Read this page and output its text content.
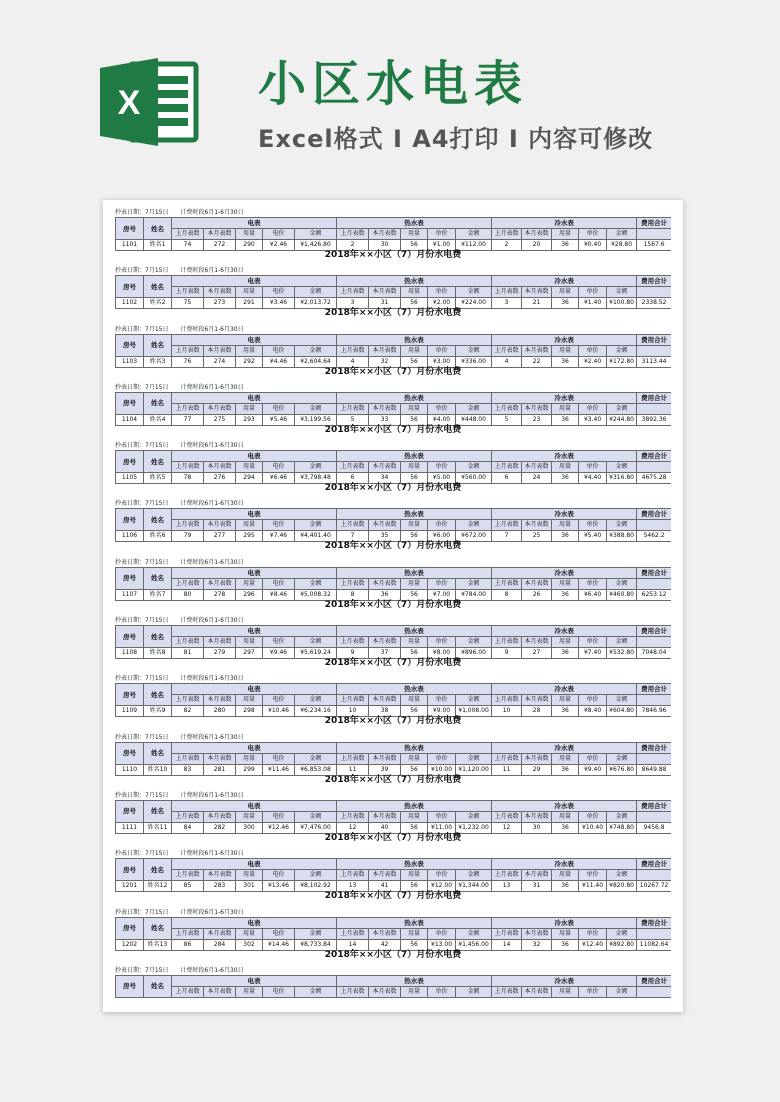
X 小区水电表

Excel格式 I A4打印 I 内容可修改

抄表日期：7月15日 计费时段6月1-6月30日
房号	姓名	电表					热水表					冷水表					费用合计
		上月表数	本月表数	用量	电价	金额	上月表数	本月表数	用量	单价	金额	上月表数	本月表数	用量	单价	金额	
1101	姓名1	74	272	290	¥2.46	¥1,426.80	2	30	56	¥1.00	¥112.00	2	20	36	¥0.40	¥28.80	1567.6
2018年××小区（7）月份水电费
抄表日期：7月15日 计费时段6月1-6月30日
房号	姓名	电表					热水表					冷水表					费用合计
		上月表数	本月表数	用量	电价	金额	上月表数	本月表数	用量	单价	金额	上月表数	本月表数	用量	单价	金额	
1102	姓名2	75	273	291	¥3.46	¥2,013.72	3	31	56	¥2.00	¥224.00	3	21	36	¥1.40	¥100.80	2338.52
2018年××小区（7）月份水电费
抄表日期：7月15日 计费时段6月1-6月30日
房号	姓名	电表					热水表					冷水表					费用合计
		上月表数	本月表数	用量	电价	金额	上月表数	本月表数	用量	单价	金额	上月表数	本月表数	用量	单价	金额	
1103	姓名3	76	274	292	¥4.46	¥2,604.64	4	32	56	¥3.00	¥336.00	4	22	36	¥2.40	¥172.80	3113.44
2018年××小区（7）月份水电费
抄表日期：7月15日 计费时段6月1-6月30日
房号	姓名	电表					热水表					冷水表					费用合计
		上月表数	本月表数	用量	电价	金额	上月表数	本月表数	用量	单价	金额	上月表数	本月表数	用量	单价	金额	
1104	姓名4	77	275	293	¥5.46	¥3,199.56	5	33	56	¥4.00	¥448.00	5	23	36	¥3.40	¥244.80	3892.36
2018年××小区（7）月份水电费
抄表日期：7月15日 计费时段6月1-6月30日
房号	姓名	电表					热水表					冷水表					费用合计
		上月表数	本月表数	用量	电价	金额	上月表数	本月表数	用量	单价	金额	上月表数	本月表数	用量	单价	金额	
1105	姓名5	78	276	294	¥6.46	¥3,798.48	6	34	56	¥5.00	¥560.00	6	24	36	¥4.40	¥316.80	4675.28
2018年××小区（7）月份水电费
抄表日期：7月15日 计费时段6月1-6月30日
房号	姓名	电表					热水表					冷水表					费用合计
		上月表数	本月表数	用量	电价	金额	上月表数	本月表数	用量	单价	金额	上月表数	本月表数	用量	单价	金额	
1106	姓名6	79	277	295	¥7.46	¥4,401.40	7	35	56	¥6.00	¥672.00	7	25	36	¥5.40	¥388.80	5462.2
2018年××小区（7）月份水电费
抄表日期：7月15日 计费时段6月1-6月30日
房号	姓名	电表					热水表					冷水表					费用合计
		上月表数	本月表数	用量	电价	金额	上月表数	本月表数	用量	单价	金额	上月表数	本月表数	用量	单价	金额	
1107	姓名7	80	278	296	¥8.46	¥5,008.32	8	36	56	¥7.00	¥784.00	8	26	36	¥6.40	¥460.80	6253.12
2018年××小区（7）月份水电费
抄表日期：7月15日 计费时段6月1-6月30日
房号	姓名	电表					热水表					冷水表					费用合计
		上月表数	本月表数	用量	电价	金额	上月表数	本月表数	用量	单价	金额	上月表数	本月表数	用量	单价	金额	
1108	姓名8	81	279	297	¥9.46	¥5,619.24	9	37	56	¥8.00	¥896.00	9	27	36	¥7.40	¥532.80	7048.04
2018年××小区（7）月份水电费
抄表日期：7月15日 计费时段6月1-6月30日
房号	姓名	电表					热水表					冷水表					费用合计
		上月表数	本月表数	用量	电价	金额	上月表数	本月表数	用量	单价	金额	上月表数	本月表数	用量	单价	金额	
1109	姓名9	82	280	298	¥10.46	¥6,234.16	10	38	56	¥9.00	¥1,008.00	10	28	36	¥8.40	¥604.80	7846.96
2018年××小区（7）月份水电费
抄表日期：7月15日 计费时段6月1-6月30日
房号	姓名	电表					热水表					冷水表					费用合计
		上月表数	本月表数	用量	电价	金额	上月表数	本月表数	用量	单价	金额	上月表数	本月表数	用量	单价	金额	
1110	姓名10	83	281	299	¥11.46	¥6,853.08	11	39	56	¥10.00	¥1,120.00	11	29	36	¥9.40	¥676.80	8649.88
2018年××小区（7）月份水电费
抄表日期：7月15日 计费时段6月1-6月30日
房号	姓名	电表					热水表					冷水表					费用合计
		上月表数	本月表数	用量	电价	金额	上月表数	本月表数	用量	单价	金额	上月表数	本月表数	用量	单价	金额	
1111	姓名11	84	282	300	¥12.46	¥7,476.00	12	40	56	¥11.00	¥1,232.00	12	30	36	¥10.40	¥748.80	9456.8
2018年××小区（7）月份水电费
抄表日期：7月15日 计费时段6月1-6月30日
房号	姓名	电表					热水表					冷水表					费用合计
		上月表数	本月表数	用量	电价	金额	上月表数	本月表数	用量	单价	金额	上月表数	本月表数	用量	单价	金额	
1201	姓名12	85	283	301	¥13.46	¥8,102.92	13	41	56	¥12.00	¥1,344.00	13	31	36	¥11.40	¥820.80	10267.72
2018年××小区（7）月份水电费
抄表日期：7月15日 计费时段6月1-6月30日
房号	姓名	电表					热水表					冷水表					费用合计
		上月表数	本月表数	用量	电价	金额	上月表数	本月表数	用量	单价	金额	上月表数	本月表数	用量	单价	金额	
1202	姓名13	86	284	302	¥14.46	¥8,733.84	14	42	56	¥13.00	¥1,456.00	14	32	36	¥12.40	¥892.80	11082.64
2018年××小区（7）月份水电费
抄表日期：7月15日 计费时段6月1-6月30日
房号	姓名	电表					热水表					冷水表					费用合计
		上月表数	本月表数	用量	电价	金额	上月表数	本月表数	用量	单价	金额	上月表数	本月表数	用量	单价	金额	
